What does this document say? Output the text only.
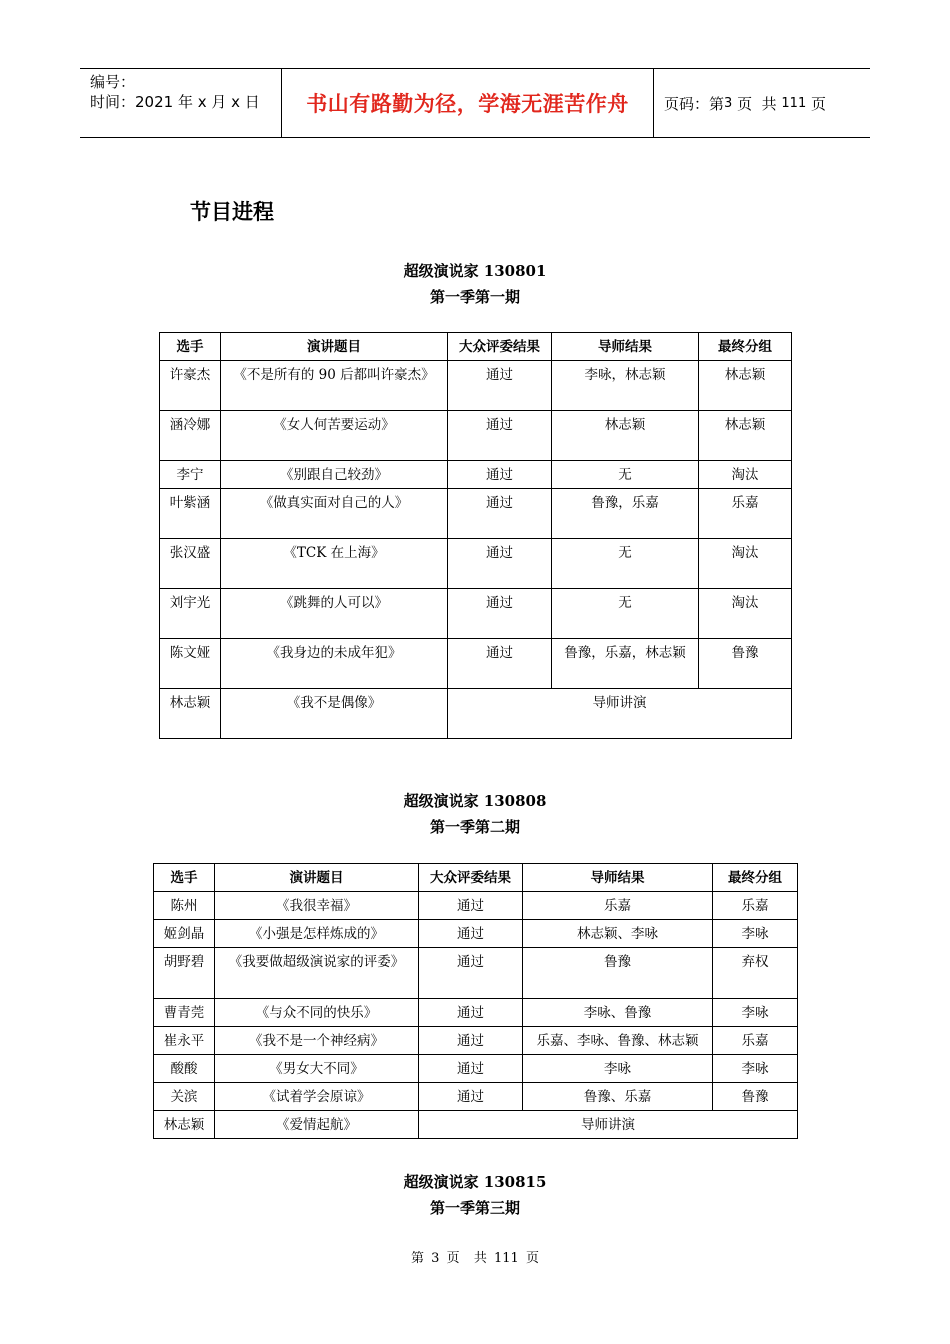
编号：
时间：2021 年 x 月 x 日	书山有路勤为径，学海无涯苦作舟	页码：第 3
页  共
111
页
节目进程
超级演说家 130801
第一季第一期
选手	演讲题目	大众评委结果	导师结果	最终分组
许豪杰	《不是所有的 90 后都叫许豪杰》	通过	李咏，林志颖	林志颖
涵冷娜	《女人何苦要运动》	通过	林志颖	林志颖
李宁	《别跟自己较劲》	通过	无	淘汰
叶紫涵	《做真实面对自己的人》	通过	鲁豫，乐嘉	乐嘉
张汉盛	《TCK 在上海》	通过	无	淘汰
刘宇光	《跳舞的人可以》	通过	无	淘汰
陈文娅	《我身边的未成年犯》	通过	鲁豫，乐嘉，林志颖	鲁豫
林志颖	《我不是偶像》	导师讲演		
超级演说家 130808
第一季第二期
选手	演讲题目	大众评委结果	导师结果	最终分组
陈州	《我很幸福》	通过	乐嘉	乐嘉
姬剑晶	《小强是怎样炼成的》	通过	林志颖、李咏	李咏
胡野碧	《我要做超级演说家的评委》	通过	鲁豫	弃权
曹青莞	《与众不同的快乐》	通过	李咏、鲁豫	李咏
崔永平	《我不是一个神经病》	通过	乐嘉、李咏、鲁豫、林志颖	乐嘉
酸酸	《男女大不同》	通过	李咏	李咏
关滨	《试着学会原谅》	通过	鲁豫、乐嘉	鲁豫
林志颖	《爱情起航》	导师讲演		
超级演说家 130815
第一季第三期
第 3 页  共 111 页
